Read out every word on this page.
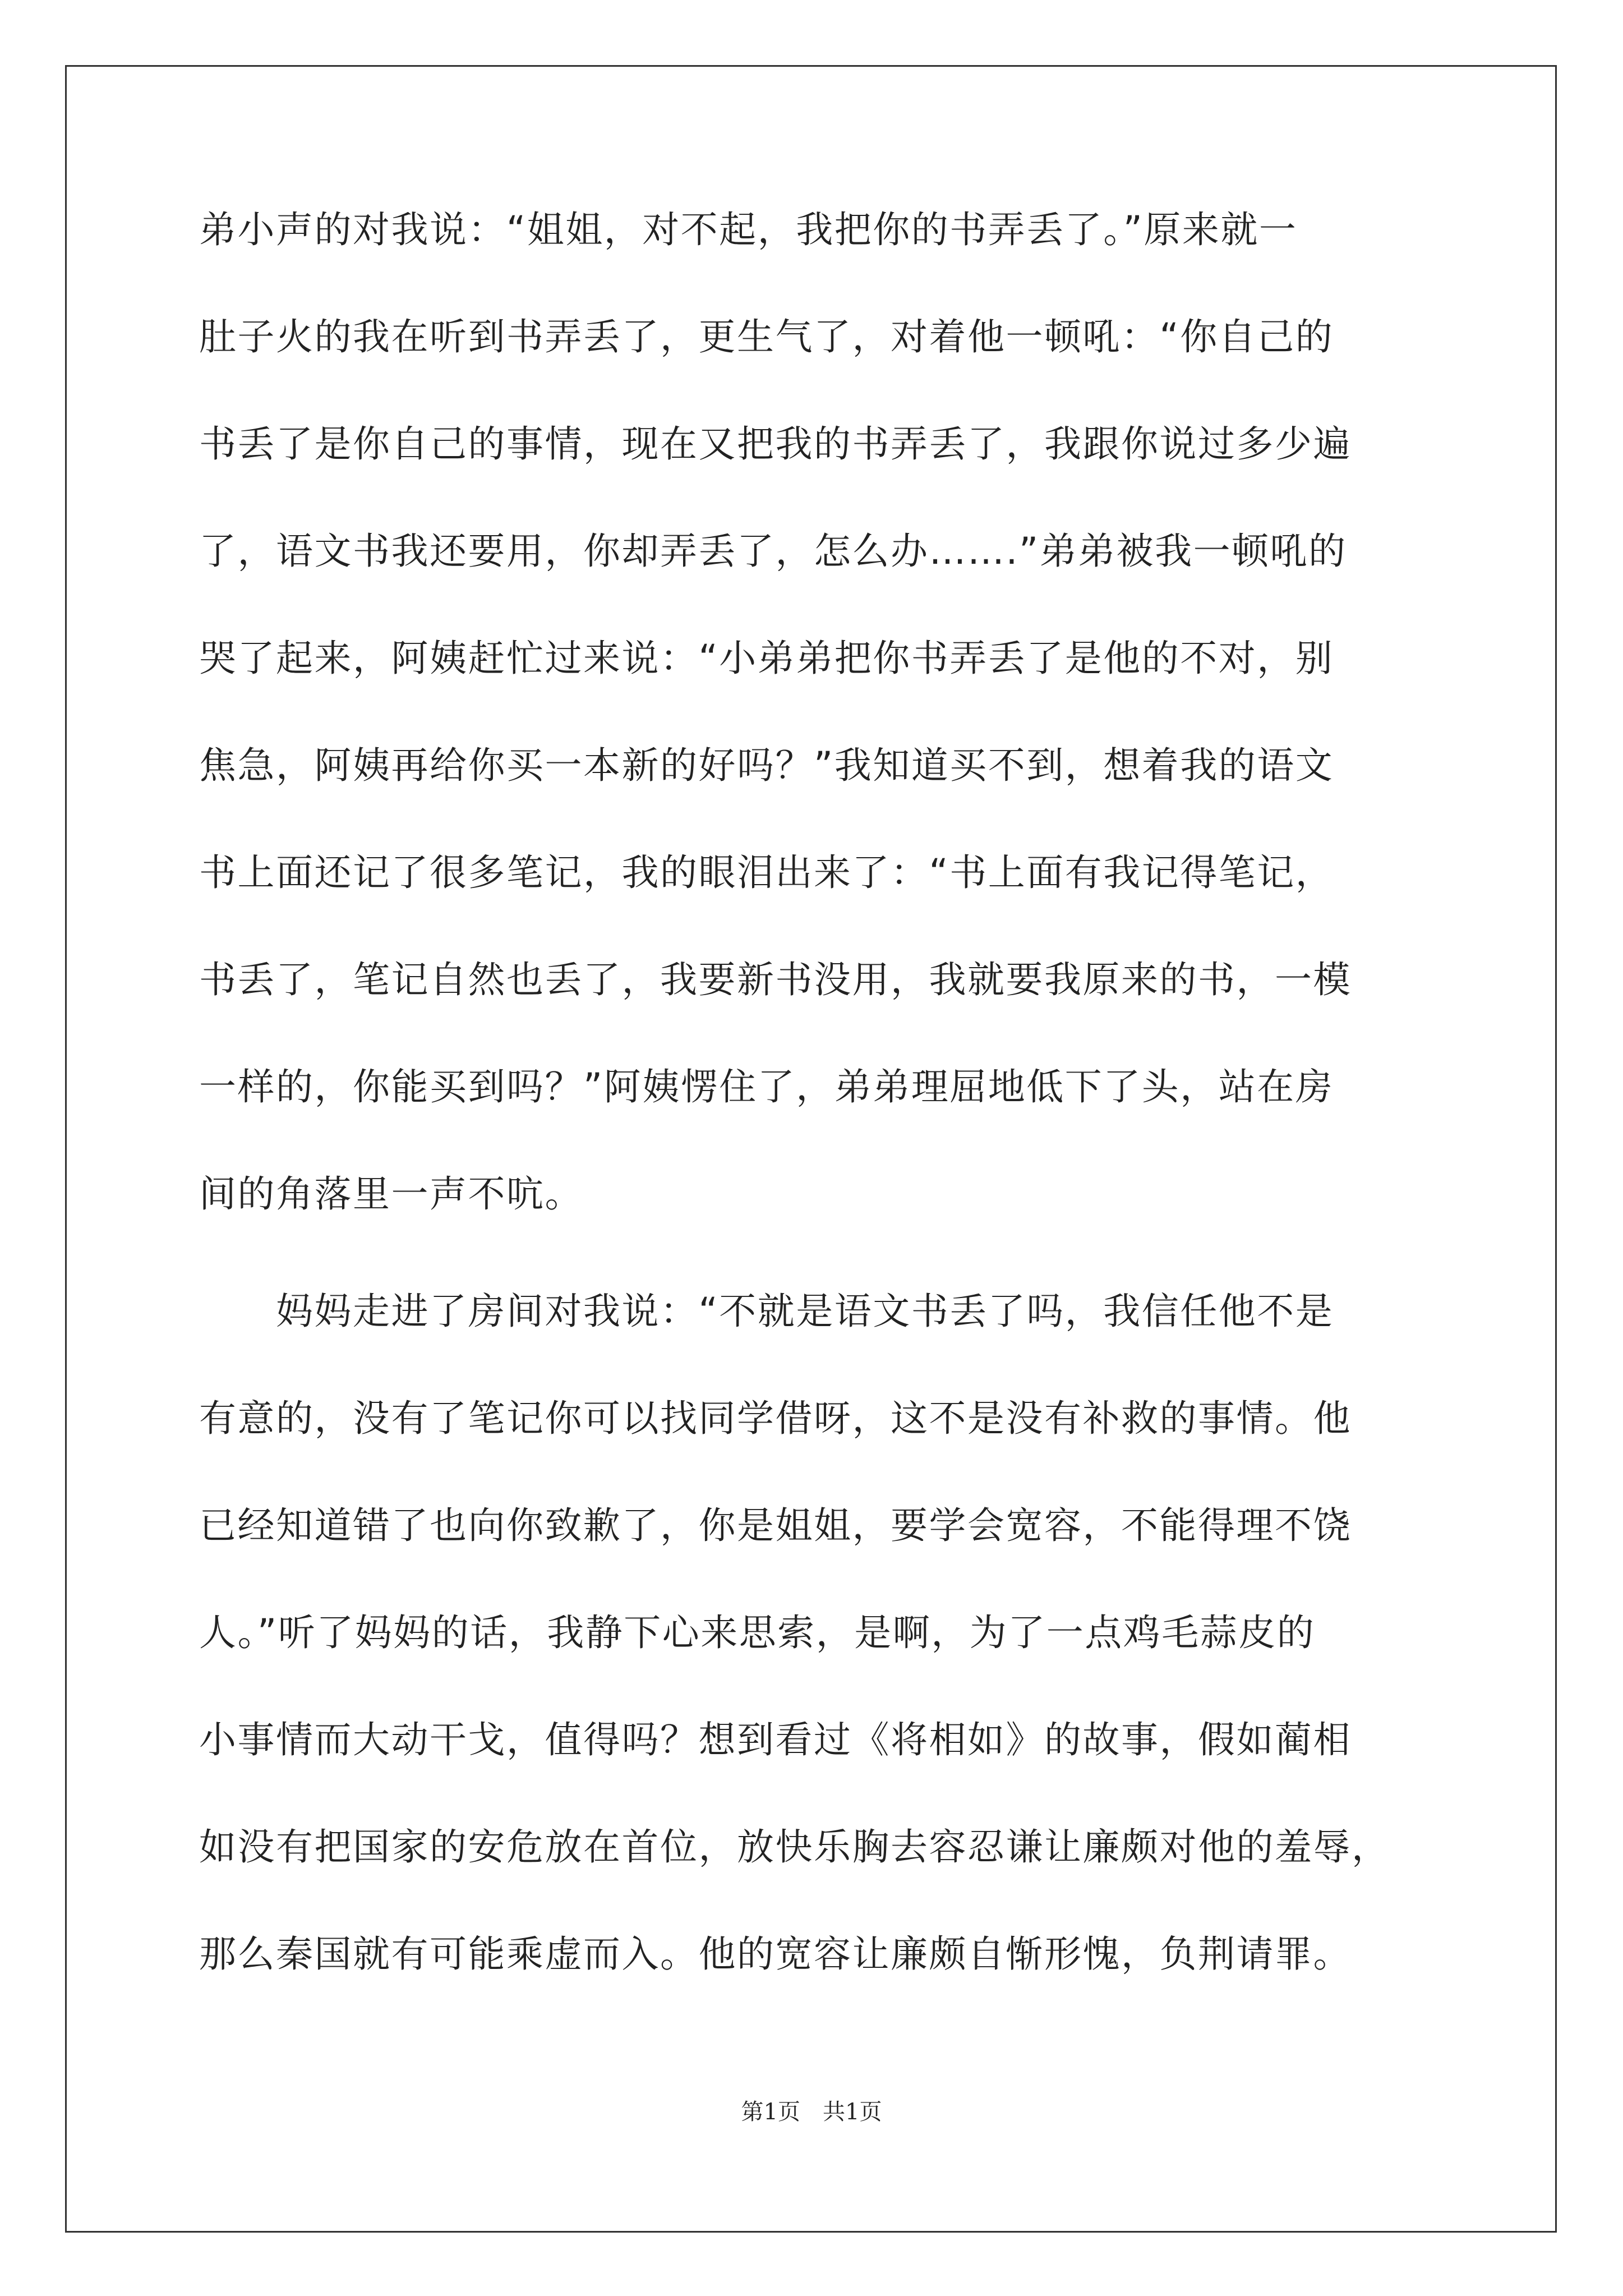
弟小声的对我说：“姐姐，对不起，我把你的书弄丢了。”原来就一
肚子火的我在听到书弄丢了，更生气了，对着他一顿吼：“你自己的
书丢了是你自己的事情，现在又把我的书弄丢了，我跟你说过多少遍
了，语文书我还要用，你却弄丢了，怎么办…….”弟弟被我一顿吼的
哭了起来，阿姨赶忙过来说：“小弟弟把你书弄丢了是他的不对，别
焦急，阿姨再给你买一本新的好吗？”我知道买不到，想着我的语文
书上面还记了很多笔记，我的眼泪出来了：“书上面有我记得笔记，
书丢了，笔记自然也丢了，我要新书没用，我就要我原来的书，一模
一样的，你能买到吗？”阿姨愣住了，弟弟理屈地低下了头，站在房
间的角落里一声不吭。
　　妈妈走进了房间对我说：“不就是语文书丢了吗，我信任他不是
有意的，没有了笔记你可以找同学借呀，这不是没有补救的事情。他
已经知道错了也向你致歉了，你是姐姐，要学会宽容，不能得理不饶
人。”听了妈妈的话，我静下心来思索，是啊，为了一点鸡毛蒜皮的
小事情而大动干戈，值得吗？想到看过《将相如》的故事，假如蔺相
如没有把国家的安危放在首位，放快乐胸去容忍谦让廉颇对他的羞辱，
那么秦国就有可能乘虚而入。他的宽容让廉颇自惭形愧，负荆请罪。
第1页　共1页
